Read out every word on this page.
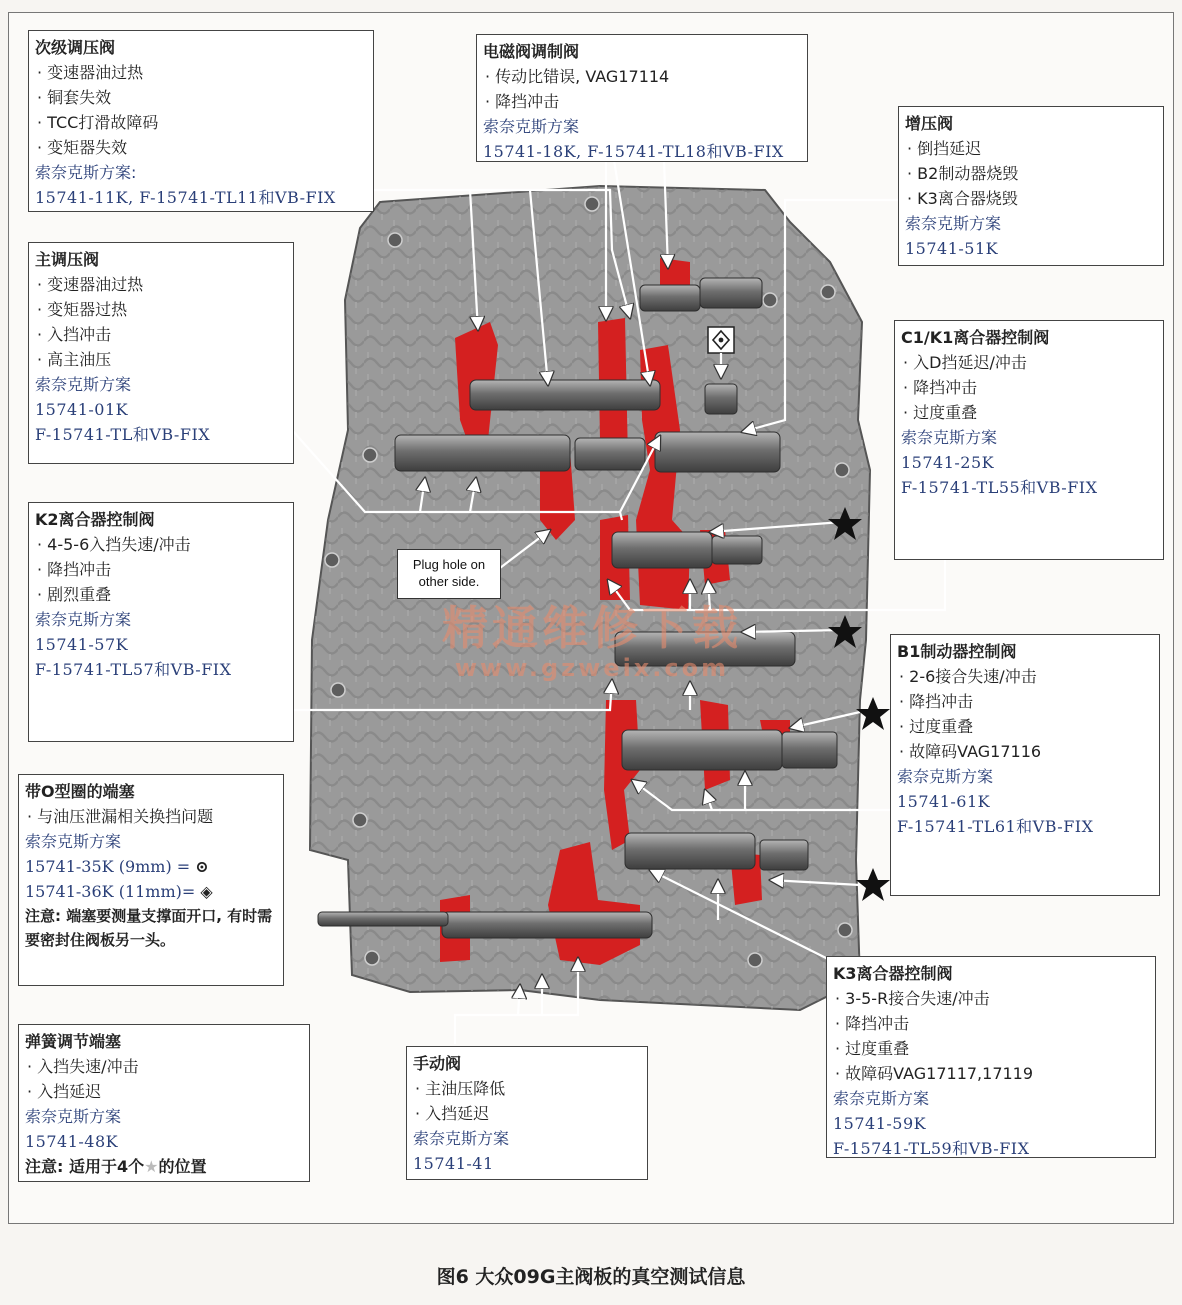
精通维修下载
www.gzweix.com
Plug hole on other side.
次级调压阀
· 变速器油过热
· 铜套失效
· TCC打滑故障码
· 变矩器失效
索奈克斯方案:
15741-11K, F-15741-TL11和VB-FIX
电磁阀调制阀
· 传动比错误, VAG17114
· 降挡冲击
索奈克斯方案
15741-18K, F-15741-TL18和VB-FIX
增压阀
· 倒挡延迟
· B2制动器烧毁
· K3离合器烧毁
索奈克斯方案
15741-51K
主调压阀
· 变速器油过热
· 变矩器过热
· 入挡冲击
· 高主油压
索奈克斯方案
15741-01K
F-15741-TL和VB-FIX
C1/K1离合器控制阀
· 入D挡延迟/冲击
· 降挡冲击
· 过度重叠
索奈克斯方案
15741-25K
F-15741-TL55和VB-FIX
K2离合器控制阀
· 4-5-6入挡失速/冲击
· 降挡冲击
· 剧烈重叠
索奈克斯方案
15741-57K
F-15741-TL57和VB-FIX
B1制动器控制阀
· 2-6接合失速/冲击
· 降挡冲击
· 过度重叠
· 故障码VAG17116
索奈克斯方案
15741-61K
F-15741-TL61和VB-FIX
带O型圈的端塞
· 与油压泄漏相关换挡问题
索奈克斯方案
15741-35K (9mm) = ⊙
15741-36K (11mm)= ◈
注意: 端塞要测量支撑面开口, 有时需要密封住阀板另一头。
K3离合器控制阀
· 3-5-R接合失速/冲击
· 降挡冲击
· 过度重叠
· 故障码VAG17117,17119
索奈克斯方案
15741-59K
F-15741-TL59和VB-FIX
弹簧调节端塞
· 入挡失速/冲击
· 入挡延迟
索奈克斯方案
15741-48K
注意: 适用于4个★的位置
手动阀
· 主油压降低
· 入挡延迟
索奈克斯方案
15741-41
图6 大众09G主阀板的真空测试信息
